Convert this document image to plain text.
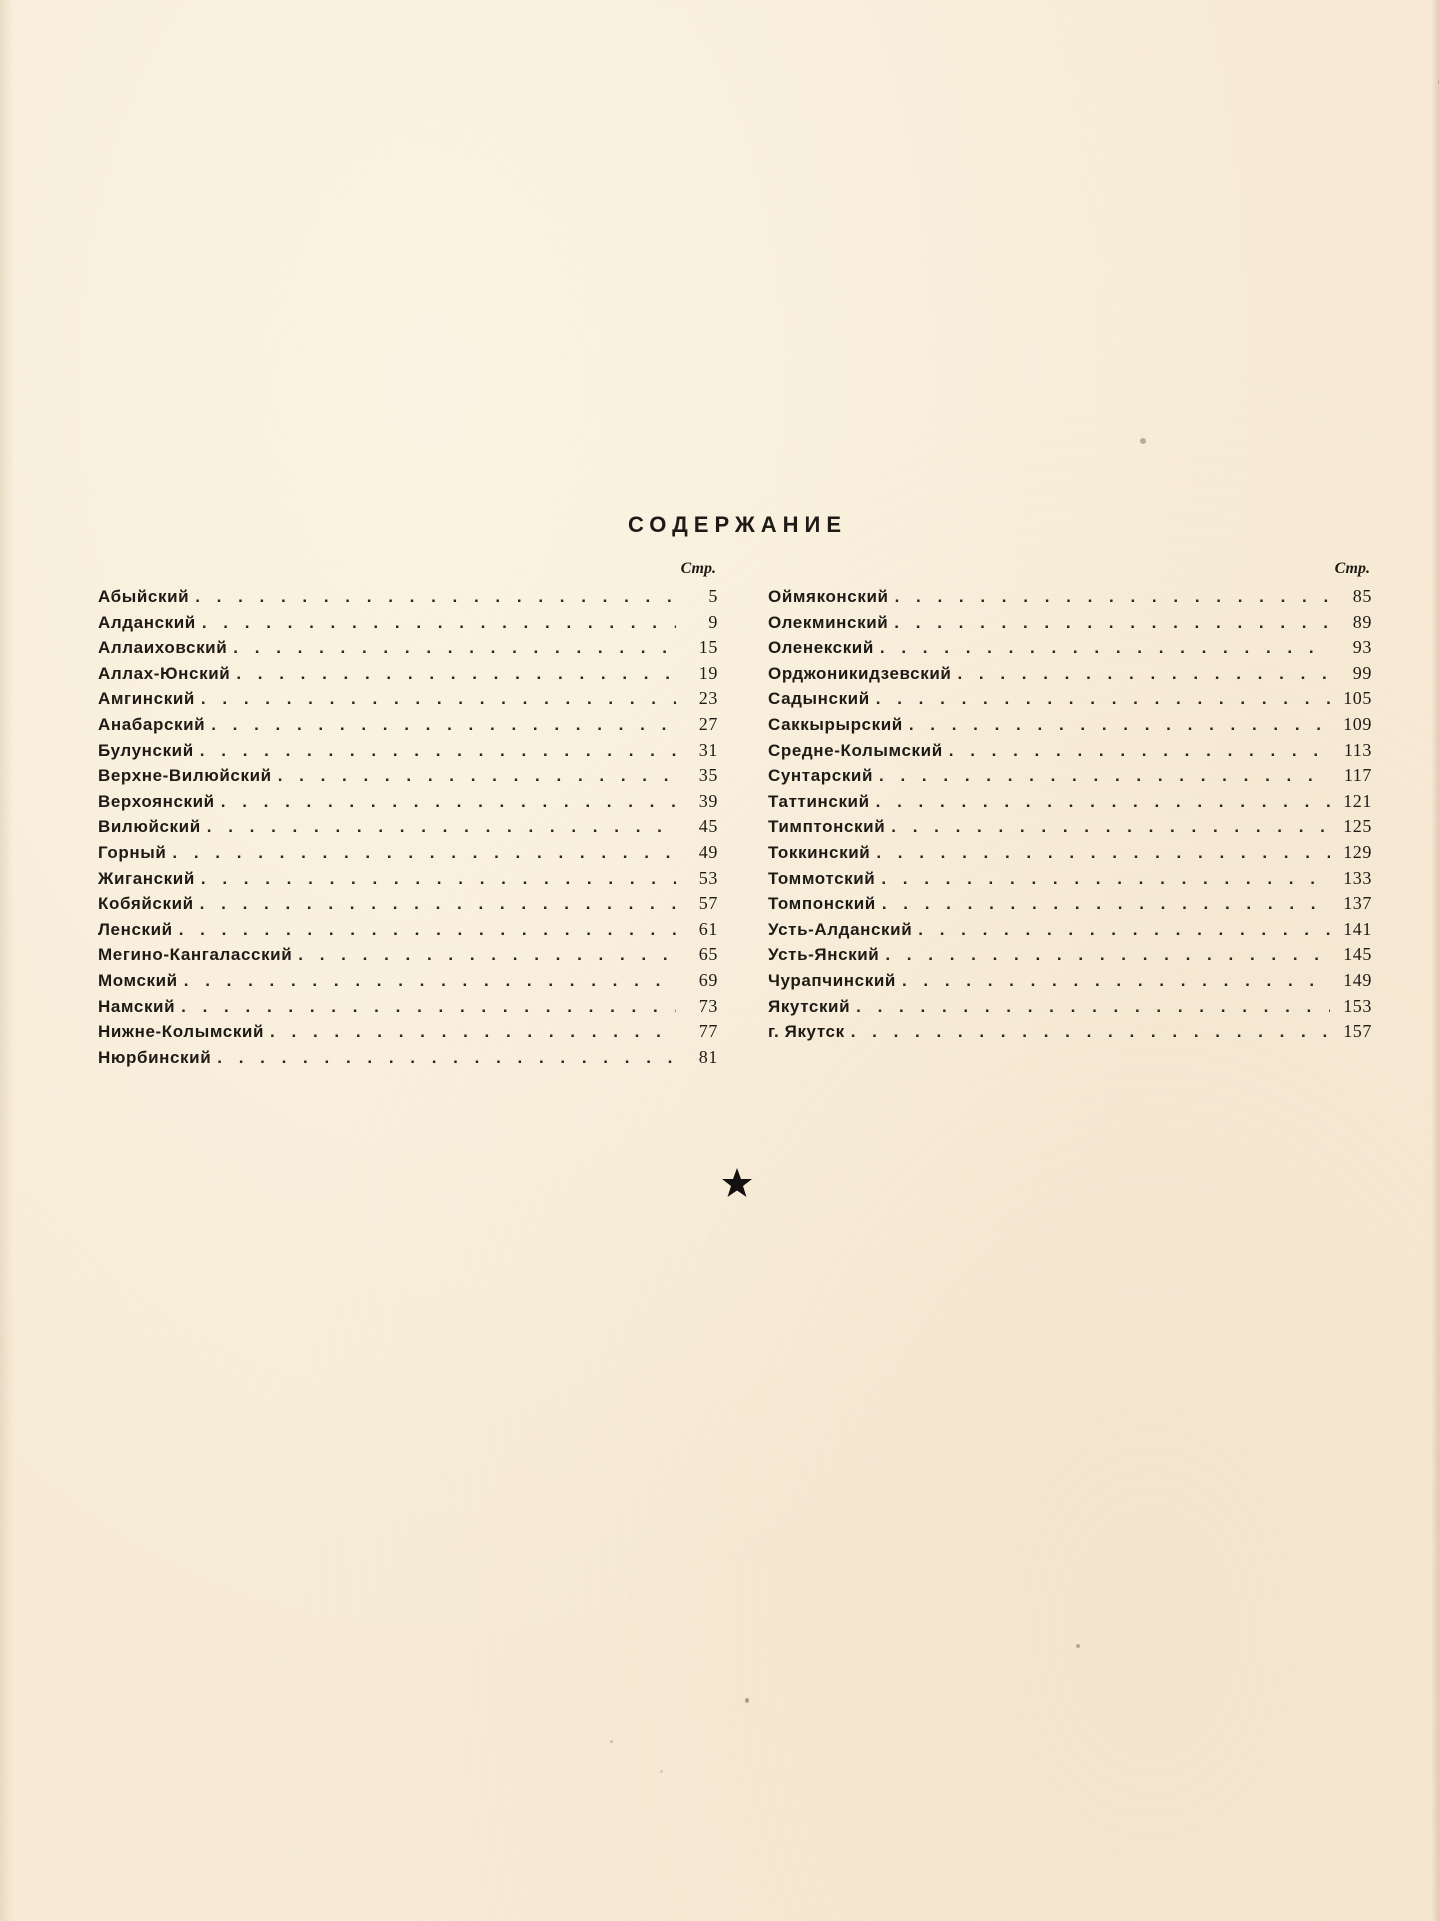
СОДЕРЖАНИЕ
Стр.
Абыйский . . .	5
Алданский . . .	9
Аллаиховский . . .	15
Аллах-Юнский . . .	19
Амгинский . . .	23
Анабарский . . .	27
Булунский . . .	31
Верхне-Вилюйский . . .	35
Верхоянский . . .	39
Вилюйский . . .	45
Горный . . .	49
Жиганский . . .	53
Кобяйский . . .	57
Ленский . . .	61
Мегино-Кангаласский . . .	65
Момский . . .	69
Намский . . .	73
Нижне-Колымский . . .	77
Нюрбинский . . .	81
Стр.
Оймяконский . . .	85
Олекминский . . .	89
Оленекский . . .	93
Орджоникидзевский . . .	99
Садынский . . .	105
Саккырырский . . .	109
Средне-Колымский . . .	113
Сунтарский . . .	117
Таттинский . . .	121
Тимптонский . . .	125
Токкинский . . .	129
Томмотский . . .	133
Томпонский . . .	137
Усть-Алданский . . .	141
Усть-Янский . . .	145
Чурапчинский . . .	149
Якутский . . .	153
г. Якутск . . .	157
